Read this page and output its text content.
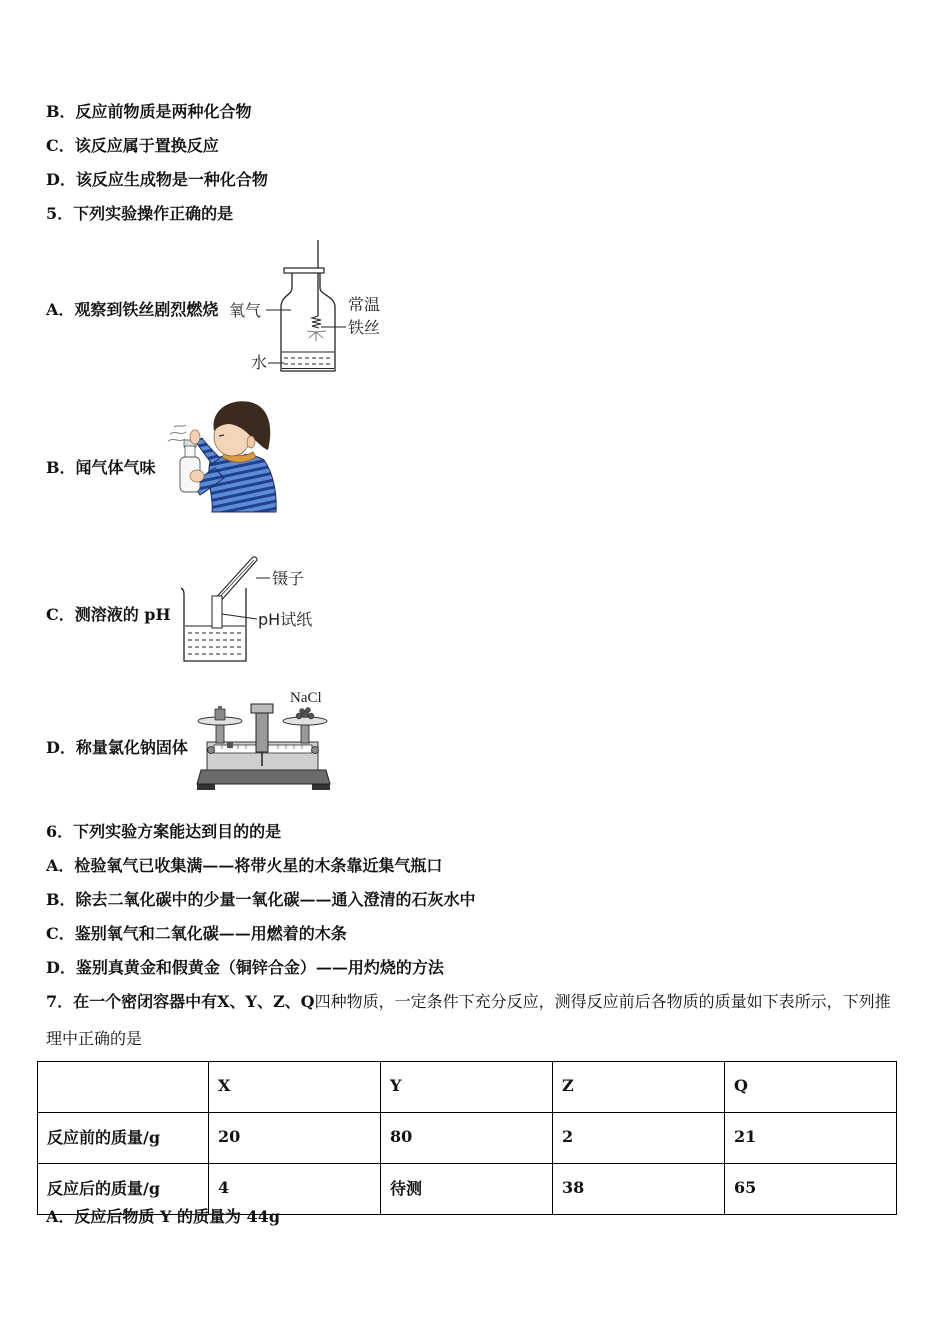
B．反应前物质是两种化合物
C．该反应属于置换反应
D．该反应生成物是一种化合物
5．下列实验操作正确的是
A．观察到铁丝剧烈燃烧 氧气	常温
铁丝
水
B．闻气体气味
C．测溶液的 pH
镊子
pH试纸
D．称量氯化钠固体
NaCl
6．下列实验方案能达到目的的是
A．检验氧气已收集满——将带火星的木条靠近集气瓶口
B．除去二氧化碳中的少量一氧化碳——通入澄清的石灰水中
C．鉴别氧气和二氧化碳——用燃着的木条
D．鉴别真黄金和假黄金（铜锌合金）——用灼烧的方法
7．在一个密闭容器中有X、Y、Z、Q四种物质，一定条件下充分反应，测得反应前后各物质的质量如下表所示，下列推
理中正确的是
	X	Y	Z	Q
反应前的质量/g	20	80	2	21
反应后的质量/g	4	待测	38	65
A．反应后物质 Y 的质量为 44g
